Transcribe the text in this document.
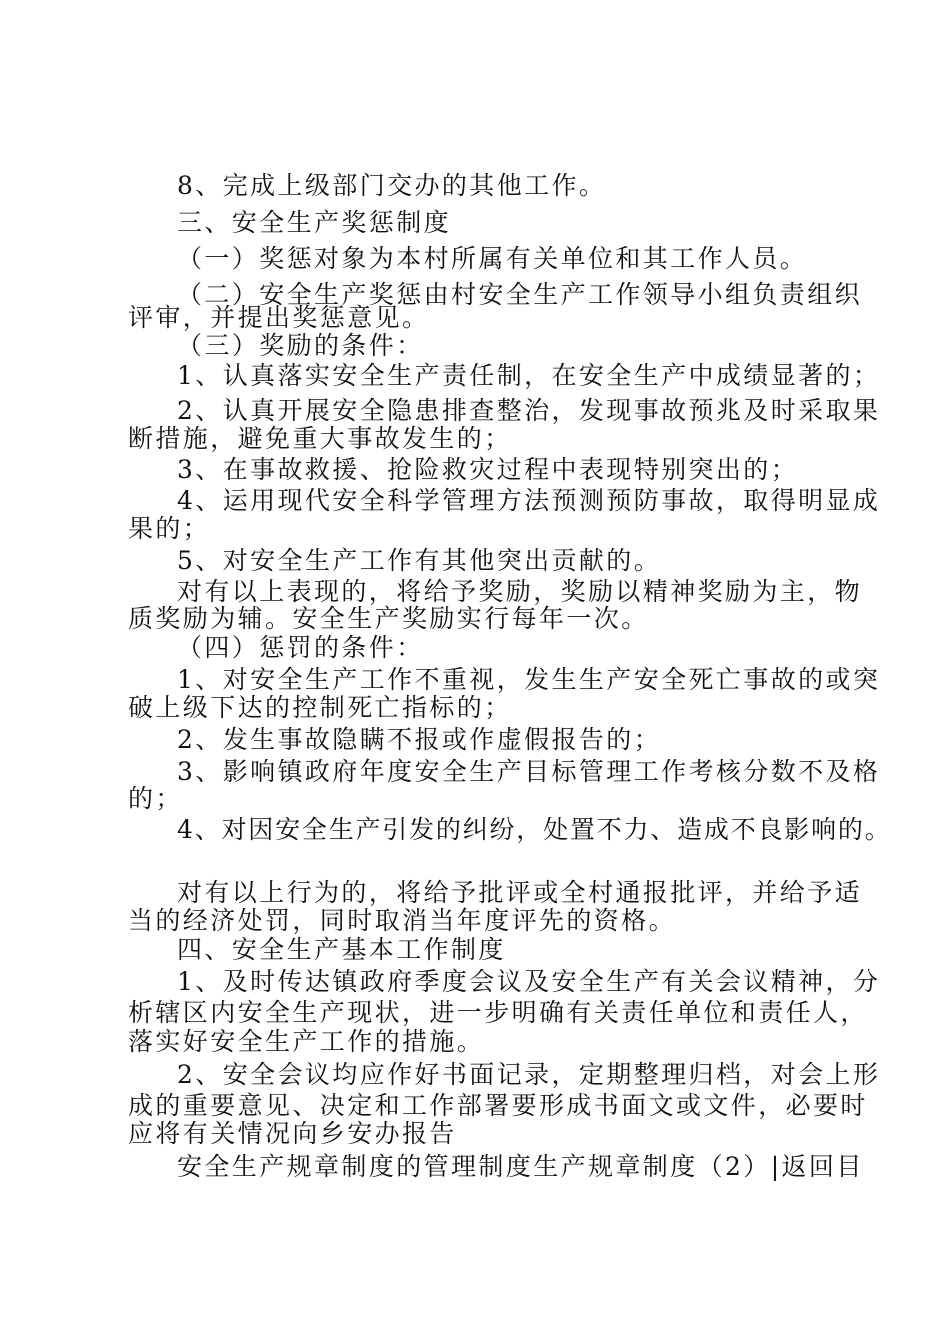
8、完成上级部门交办的其他工作。
三、安全生产奖惩制度
（一）奖惩对象为本村所属有关单位和其工作人员。
（二）安全生产奖惩由村安全生产工作领导小组负责组织
评审，并提出奖惩意见。
（三）奖励的条件：
1、认真落实安全生产责任制，在安全生产中成绩显著的；
2、认真开展安全隐患排查整治，发现事故预兆及时采取果
断措施，避免重大事故发生的；
3、在事故救援、抢险救灾过程中表现特别突出的；
4、运用现代安全科学管理方法预测预防事故，取得明显成
果的；
5、对安全生产工作有其他突出贡献的。
对有以上表现的，将给予奖励，奖励以精神奖励为主，物
质奖励为辅。安全生产奖励实行每年一次。
（四）惩罚的条件：
1、对安全生产工作不重视，发生生产安全死亡事故的或突
破上级下达的控制死亡指标的；
2、发生事故隐瞒不报或作虚假报告的；
3、影响镇政府年度安全生产目标管理工作考核分数不及格
的；
4、对因安全生产引发的纠纷，处置不力、造成不良影响的。
对有以上行为的，将给予批评或全村通报批评，并给予适
当的经济处罚，同时取消当年度评先的资格。
四、安全生产基本工作制度
1、及时传达镇政府季度会议及安全生产有关会议精神，分
析辖区内安全生产现状，进一步明确有关责任单位和责任人，
落实好安全生产工作的措施。
2、安全会议均应作好书面记录，定期整理归档，对会上形
成的重要意见、决定和工作部署要形成书面文或文件，必要时
应将有关情况向乡安办报告
安全生产规章制度的管理制度生产规章制度（2）|返回目
